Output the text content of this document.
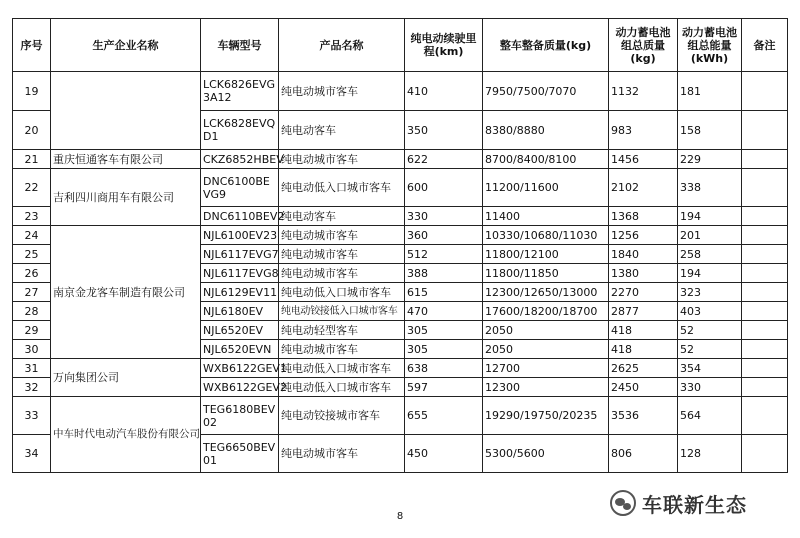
序号	生产企业名称	车辆型号	产品名称	纯电动续驶里程(km)	整车整备质量(kg)	动力蓄电池组总质量(kg)	动力蓄电池组总能量(kWh)	备注
19		LCK6826EVG3A12	纯电动城市客车	410	7950/7500/7070	1132	181	
20		LCK6828EVQD1	纯电动客车	350	8380/8880	983	158	
21	重庆恒通客车有限公司	CKZ6852HBEV	纯电动城市客车	622	8700/8400/8100	1456	229	
22	吉利四川商用车有限公司	DNC6100BEVG9	纯电动低入口城市客车	600	11200/11600	2102	338	
23		DNC6110BEV2	纯电动客车	330	11400	1368	194	
24	南京金龙客车制造有限公司	NJL6100EV23	纯电动城市客车	360	10330/10680/11030	1256	201	
25		NJL6117EVG7	纯电动城市客车	512	11800/12100	1840	258	
26		NJL6117EVG8	纯电动城市客车	388	11800/11850	1380	194	
27		NJL6129EV11	纯电动低入口城市客车	615	12300/12650/13000	2270	323	
28		NJL6180EV	纯电动铰接低入口城市客车	470	17600/18200/18700	2877	403	
29		NJL6520EV	纯电动轻型客车	305	2050	418	52	
30		NJL6520EVN	纯电动城市客车	305	2050	418	52	
31	万向集团公司	WXB6122GEV1	纯电动低入口城市客车	638	12700	2625	354	
32		WXB6122GEV2	纯电动低入口城市客车	597	12300	2450	330	
33	中车时代电动汽车股份有限公司	TEG6180BEV02	纯电动铰接城市客车	655	19290/19750/20235	3536	564	
34		TEG6650BEV01	纯电动城市客车	450	5300/5600	806	128	
车联新生态
8
